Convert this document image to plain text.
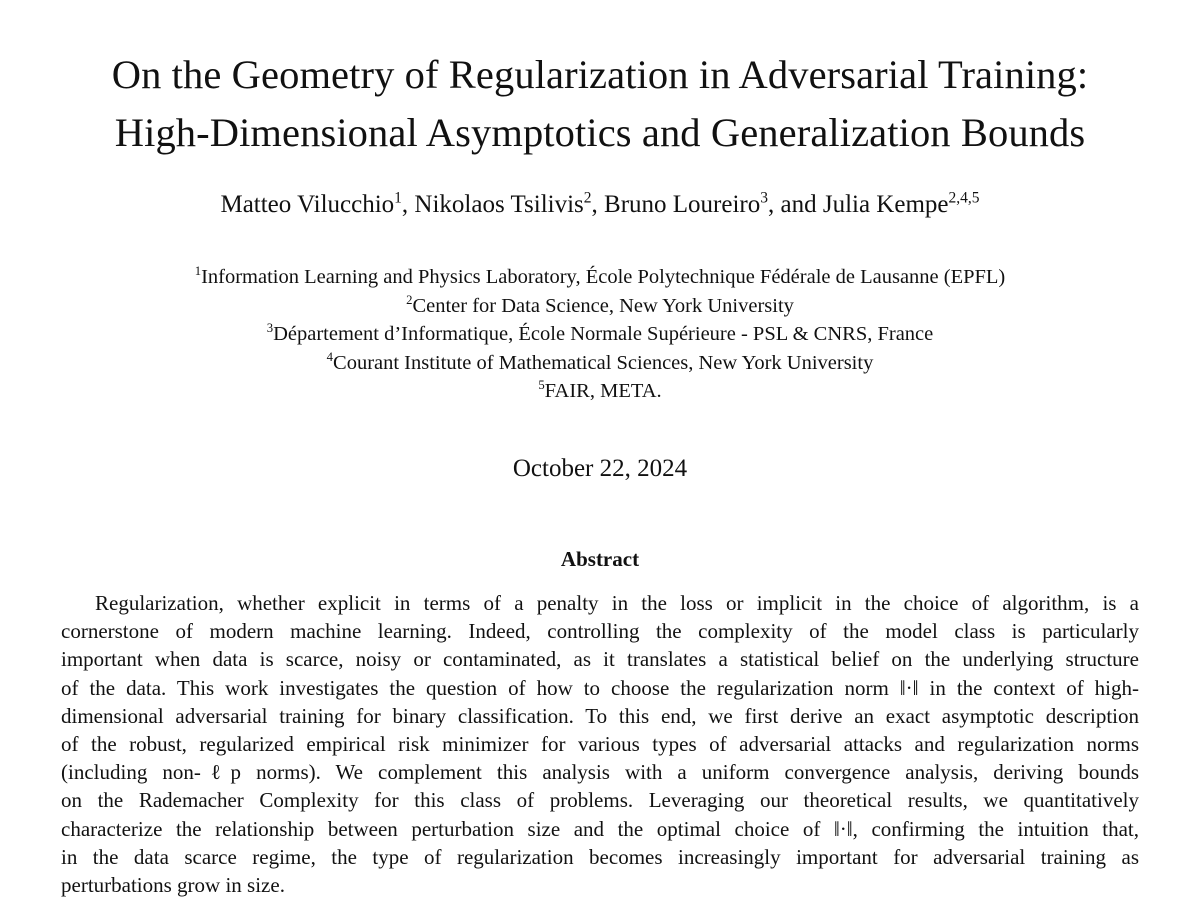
On the Geometry of Regularization in Adversarial Training:
High-Dimensional Asymptotics and Generalization Bounds
Matteo Vilucchio$^1$, Nikolaos Tsilivis$^2$, Bruno Loureiro$^3$, and Julia Kempe$^{2,4,5}$
$^1$Information Learning and Physics Laboratory, École Polytechnique Fédérale de Lausanne (EPFL)
$^2$Center for Data Science, New York University
$^3$Département d’Informatique, École Normale Supérieure - PSL & CNRS, France
$^4$Courant Institute of Mathematical Sciences, New York University
$^5$FAIR, META.
October 22, 2024
Abstract
Regularization, whether explicit in terms of a penalty in the loss or implicit in the choice of algorithm, is a
cornerstone of modern machine learning. Indeed, controlling the complexity of the model class is particularly
important when data is scarce, noisy or contaminated, as it translates a statistical belief on the underlying structure
of the data. This work investigates the question of how to choose the regularization norm ‖·‖ in the context of high-
dimensional adversarial training for binary classification. To this end, we first derive an exact asymptotic description
of the robust, regularized empirical risk minimizer for various types of adversarial attacks and regularization norms
(including non-ℓp norms). We complement this analysis with a uniform convergence analysis, deriving bounds
on the Rademacher Complexity for this class of problems. Leveraging our theoretical results, we quantitatively
characterize the relationship between perturbation size and the optimal choice of ‖·‖, confirming the intuition that,
in the data scarce regime, the type of regularization becomes increasingly important for adversarial training as
perturbations grow in size.
